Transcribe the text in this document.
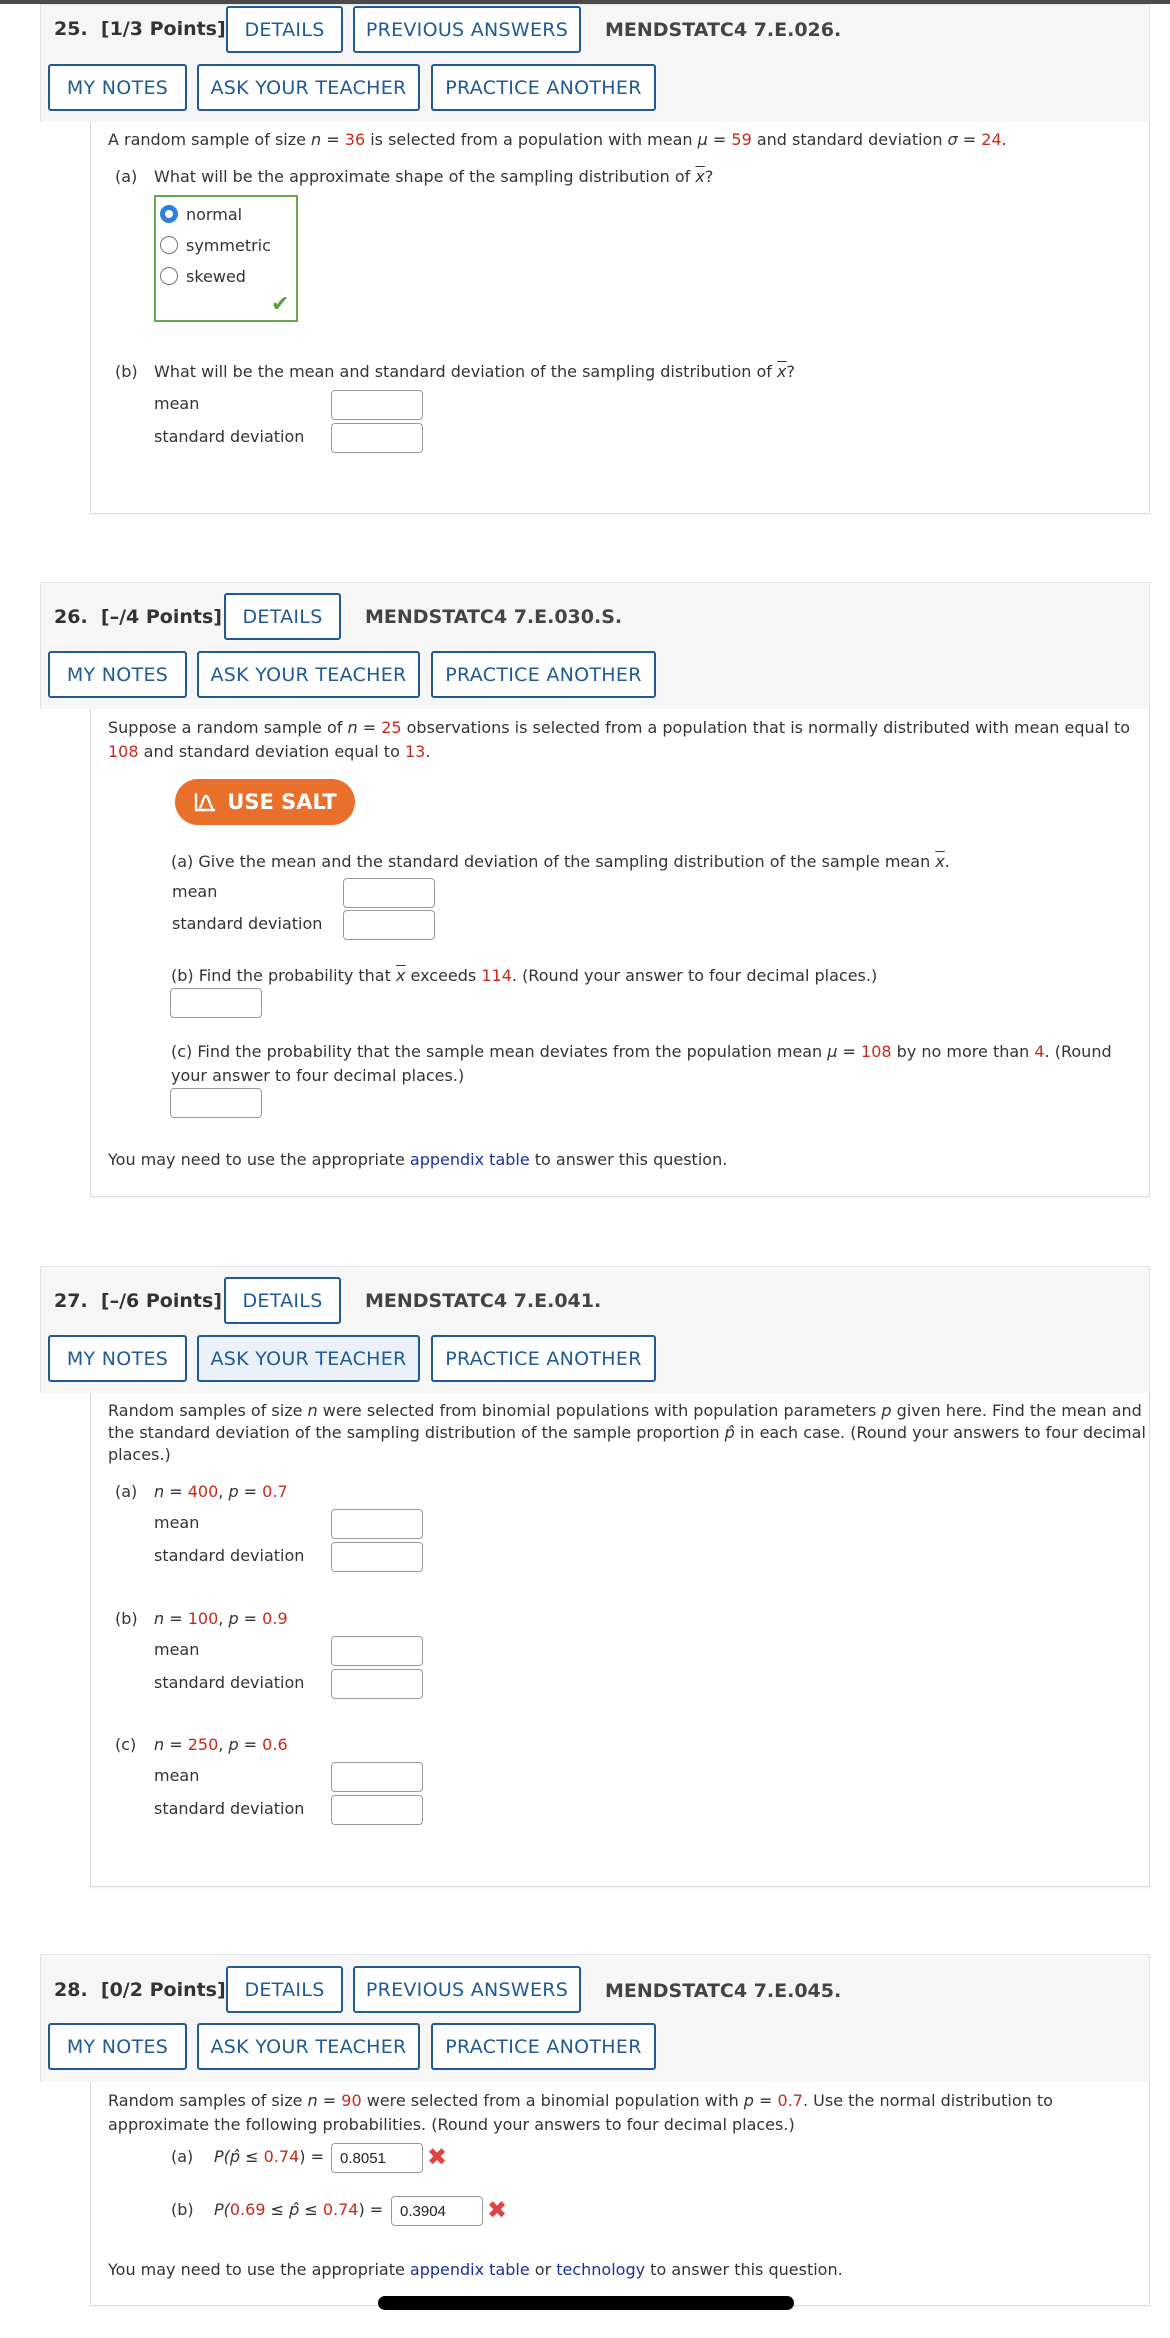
25. [1/3 Points] DETAILS	PREVIOUS ANSWERS	MENDSTATC4 7.E.026.
MY NOTES	ASK YOUR TEACHER	PRACTICE ANOTHER
A random sample of size n = 36 is selected from a population with mean μ = 59 and standard deviation σ = 24.
(a) What will be the approximate shape of the sampling distribution of $\overline{x}$?
normal
symmetric
skewed
✔
(b) What will be the mean and standard deviation of the sampling distribution of $\overline{x}$?
mean
standard deviation
26. [–/4 Points]	DETAILS	MENDSTATC4 7.E.030.S.
MY NOTES	ASK YOUR TEACHER	PRACTICE ANOTHER
Suppose a random sample of n = 25 observations is selected from a population that is normally distributed with mean equal to
108 and standard deviation equal to 13.
USE SALT
(a) Give the mean and the standard deviation of the sampling distribution of the sample mean $\overline{x}$.
mean
standard deviation
(b) Find the probability that $\overline{x}$ exceeds 114. (Round your answer to four decimal places.)
(c) Find the probability that the sample mean deviates from the population mean μ = 108 by no more than 4. (Round
your answer to four decimal places.)
You may need to use the appropriate appendix table to answer this question.
27. [–/6 Points]	DETAILS	MENDSTATC4 7.E.041.
MY NOTES	ASK YOUR TEACHER	PRACTICE ANOTHER
Random samples of size n were selected from binomial populations with population parameters p given here. Find the mean and
the standard deviation of the sampling distribution of the sample proportion p̂ in each case. (Round your answers to four decimal
places.)
(a) n = 400, p = 0.7
mean
standard deviation
(b) n = 100, p = 0.9
mean
standard deviation
(c) n = 250, p = 0.6
mean
standard deviation
28. [0/2 Points] DETAILS	PREVIOUS ANSWERS	MENDSTATC4 7.E.045.
MY NOTES	ASK YOUR TEACHER	PRACTICE ANOTHER
Random samples of size n = 90 were selected from a binomial population with p = 0.7. Use the normal distribution to
approximate the following probabilities. (Round your answers to four decimal places.)
(a) P(p̂ ≤ 0.74) =
0.8051	✖
(b) P(0.69 ≤ p̂ ≤ 0.74) =
0.3904	✖
You may need to use the appropriate appendix table or technology to answer this question.
